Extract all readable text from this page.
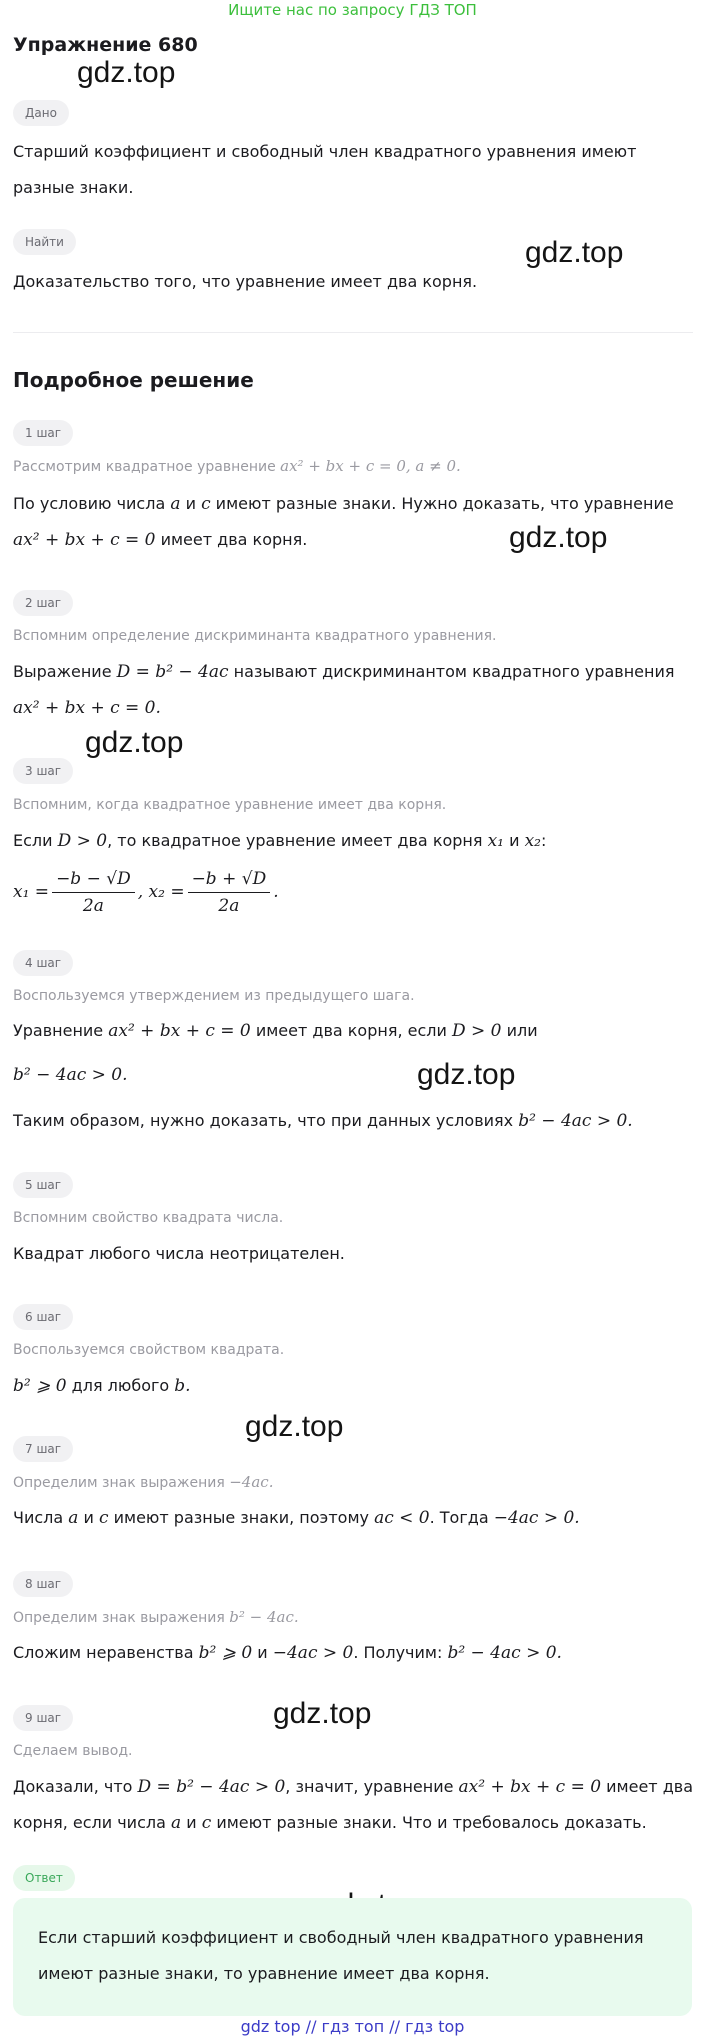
Ищите нас по запросу ГДЗ ТОП
Упражнение 680
gdz.top
gdz.top
gdz.top
gdz.top
gdz.top
gdz.top
gdz.top
Дано

Старший коэффициент и свободный член квадратного уравнения имеют разные знаки.

Найти

Доказательство того, что уравнение имеет два корня.

Подробное решение
1 шаг

Рассмотрим квадратное уравнение ax² + bx + c = 0, a ≠ 0.

По условию числа a и c имеют разные знаки. Нужно доказать, что уравнение ax² + bx + c = 0 имеет два корня.

2 шаг

Вспомним определение дискриминанта квадратного уравнения.

Выражение D = b² − 4ac называют дискриминантом квадратного уравнения ax² + bx + c = 0.

3 шаг

Вспомним, когда квадратное уравнение имеет два корня.

Если D > 0, то квадратное уравнение имеет два корня x₁ и x₂:

$x_1 = \frac{-b - √D}{2a}$ , $x_2 = \frac{-b + √D}{2a}$ .
4 шаг

Воспользуемся утверждением из предыдущего шага.

Уравнение ax² + bx + c = 0 имеет два корня, если D > 0 или

b² − 4ac > 0.

Таким образом, нужно доказать, что при данных условиях b² − 4ac > 0.

5 шаг

Вспомним свойство квадрата числа.

Квадрат любого числа неотрицателен.

6 шаг

Воспользуемся свойством квадрата.

b² ⩾ 0 для любого b.

7 шаг

Определим знак выражения −4ac.

Числа a и c имеют разные знаки, поэтому ac < 0. Тогда −4ac > 0.

8 шаг

Определим знак выражения b² − 4ac.

Сложим неравенства b² ⩾ 0 и −4ac > 0. Получим: b² − 4ac > 0.

9 шаг

Сделаем вывод.

Доказали, что D = b² − 4ac > 0, значит, уравнение ax² + bx + c = 0 имеет два корня, если числа a и c имеют разные знаки. Что и требовалось доказать.

Ответ

Если старший коэффициент и свободный член квадратного уравнения имеют разные знаки, то уравнение имеет два корня.

gdz top // гдз топ // гдз top
